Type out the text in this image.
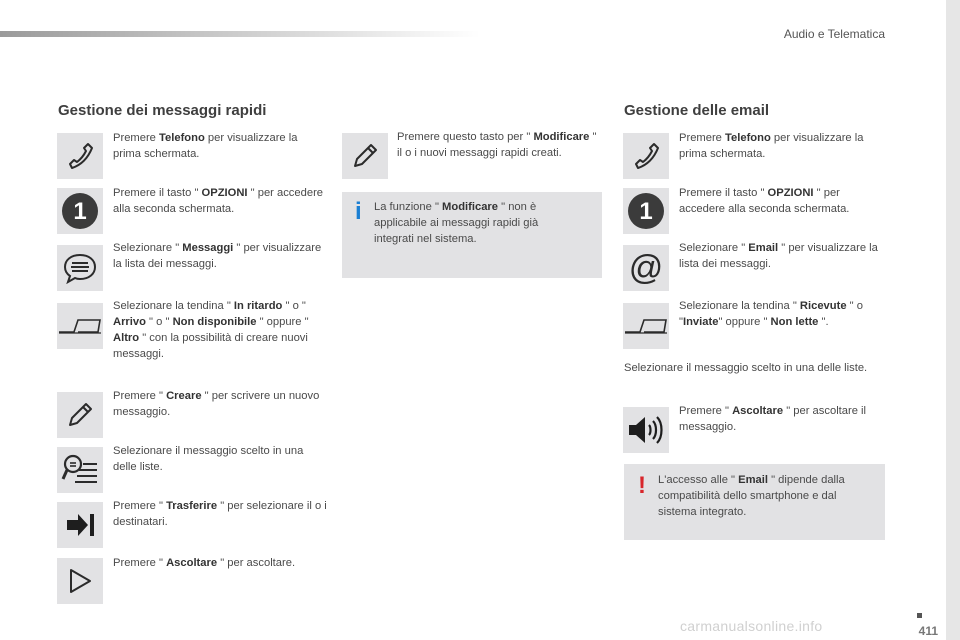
Audio e Telematica
Gestione dei messaggi rapidi
Premere Telefono per visualizzare la prima schermata.
1
Premere il tasto " OPZIONI " per accedere alla seconda schermata.
Selezionare " Messaggi " per visualizzare la lista dei messaggi.
Selezionare la tendina " In ritardo " o " Arrivo " o " Non disponibile " oppure " Altro " con la possibilità di creare nuovi messaggi.
Premere " Creare " per scrivere un nuovo messaggio.
Selezionare il messaggio scelto in una delle liste.
Premere " Trasferire " per selezionare il o i destinatari.
Premere " Ascoltare " per ascoltare.
Premere questo tasto per " Modificare " il o i nuovi messaggi rapidi creati.
i La funzione " Modificare " non è applicabile ai messaggi rapidi già integrati nel sistema.
Gestione delle email
Premere Telefono per visualizzare la prima schermata.
1
Premere il tasto " OPZIONI " per accedere alla seconda schermata.
@
Selezionare " Email " per visualizzare la lista dei messaggi.
Selezionare la tendina " Ricevute " o "Inviate" oppure " Non lette ".
Selezionare il messaggio scelto in una delle liste.
Premere " Ascoltare " per ascoltare il messaggio.
! L'accesso alle " Email " dipende dalla compatibilità dello smartphone e dal sistema integrato.
411
carmanualsonline.info
